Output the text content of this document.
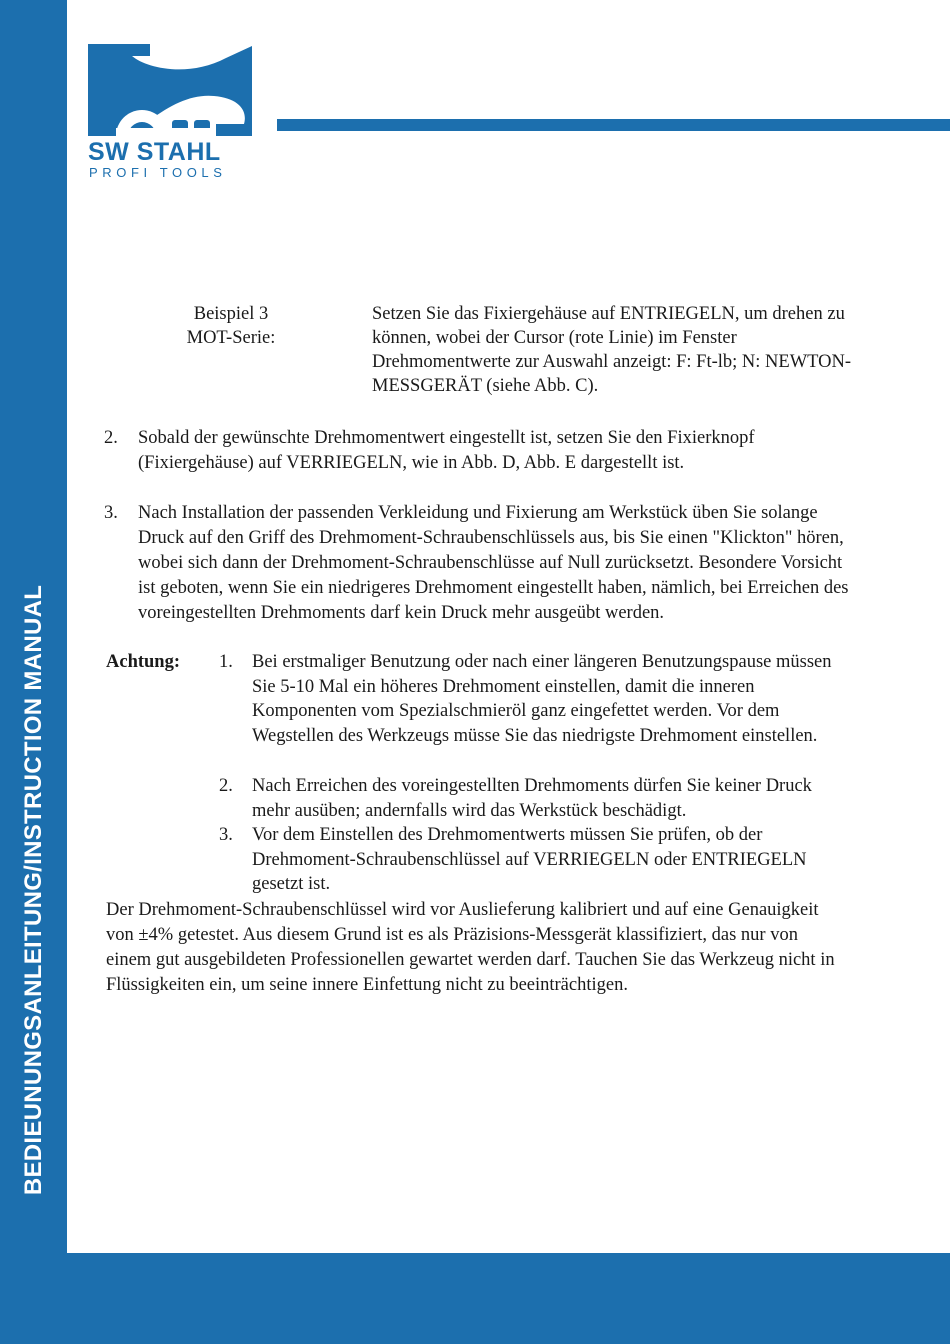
BEDIEUNUNGSANLEITUNG/INSTRUCTION MANUAL
SW STAHL
PROFI TOOLS
Beispiel 3
MOT-Serie:
Setzen Sie das Fixiergehäuse auf ENTRIEGELN, um drehen zu können, wobei der Cursor (rote Linie) im Fenster Drehmomentwerte zur Auswahl anzeigt: F: Ft-lb; N: NEWTON-MESSGERÄT (siehe Abb. C).
2. Sobald der gewünschte Drehmomentwert eingestellt ist, setzen Sie den Fixierknopf (Fixiergehäuse) auf VERRIEGELN, wie in Abb. D, Abb. E dargestellt ist.
3. Nach Installation der passenden Verkleidung und Fixierung am Werkstück üben Sie solange Druck auf den Griff des Drehmoment-Schraubenschlüssels aus, bis Sie einen "Klickton" hören, wobei sich dann der Drehmoment-Schraubenschlüsse auf Null zurücksetzt. Besondere Vorsicht ist geboten, wenn Sie ein niedrigeres Drehmoment eingestellt haben, nämlich, bei Erreichen des voreingestellten Drehmoments darf kein Druck mehr ausgeübt werden.
Achtung: 1. Bei erstmaliger Benutzung oder nach einer längeren Benutzungspause müssen Sie 5-10 Mal ein höheres Drehmoment einstellen, damit die inneren Komponenten vom Spezialschmieröl ganz eingefettet werden. Vor dem Wegstellen des Werkzeugs müsse Sie das niedrigste Drehmoment einstellen.
2. Nach Erreichen des voreingestellten Drehmoments dürfen Sie keiner Druck mehr ausüben; andernfalls wird das Werkstück beschädigt.
3. Vor dem Einstellen des Drehmomentwerts müssen Sie prüfen, ob der Drehmoment-Schraubenschlüssel auf VERRIEGELN oder ENTRIEGELN gesetzt ist.
Der Drehmoment-Schraubenschlüssel wird vor Auslieferung kalibriert und auf eine Genauigkeit von ±4% getestet. Aus diesem Grund ist es als Präzisions-Messgerät klassifiziert, das nur von einem gut ausgebildeten Professionellen gewartet werden darf. Tauchen Sie das Werkzeug nicht in Flüssigkeiten ein, um seine innere Einfettung nicht zu beeinträchtigen.
